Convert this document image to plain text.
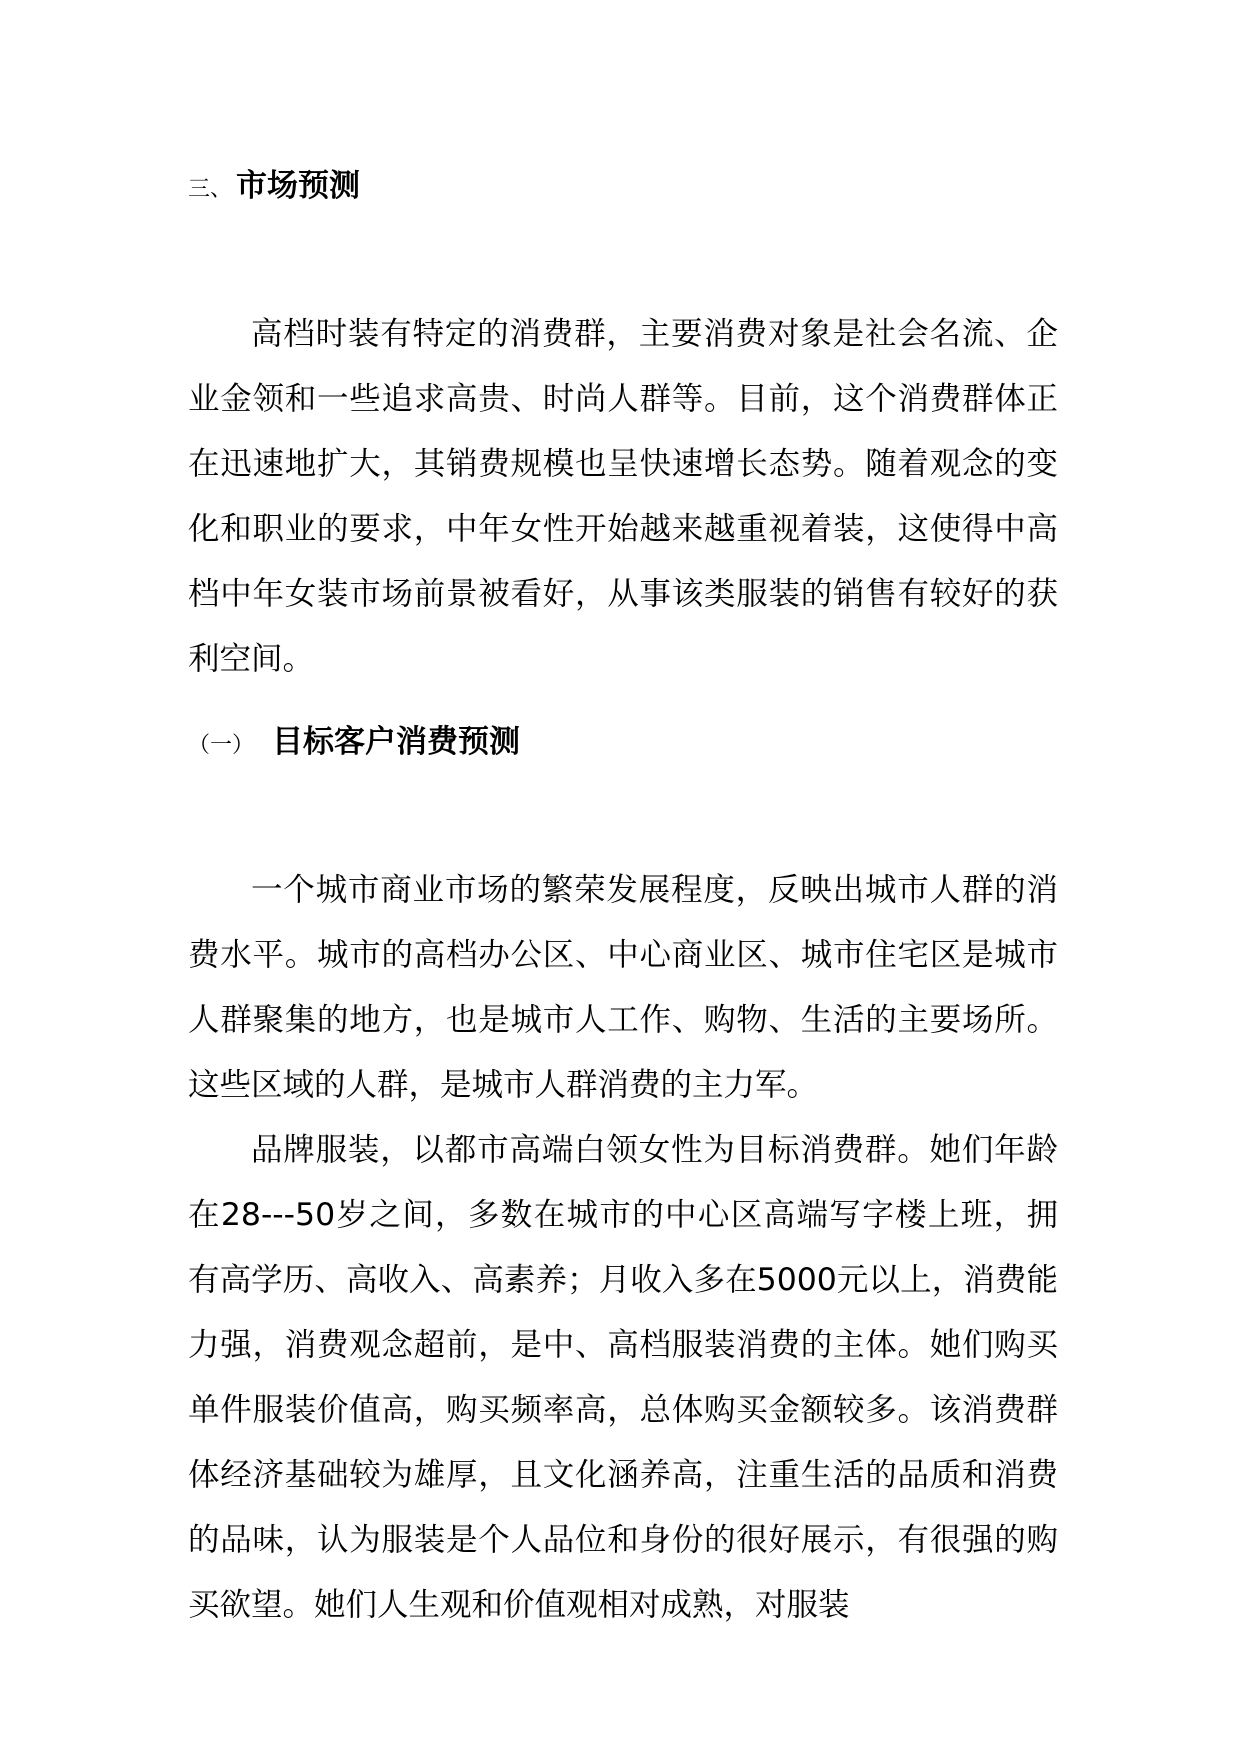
三、 市场预测

高档时装有特定的消费群，主要消费对象是社会名流、企业金领和一些追求高贵、时尚人群等。目前，这个消费群体正在迅速地扩大，其销费规模也呈快速增长态势。随着观念的变化和职业的要求，中年女性开始越来越重视着装，这使得中高档中年女装市场前景被看好，从事该类服装的销售有较好的获利空间。

（一） 目标客户消费预测

一个城市商业市场的繁荣发展程度，反映出城市人群的消费水平。城市的高档办公区、中心商业区、城市住宅区是城市人群聚集的地方，也是城市人工作、购物、生活的主要场所。这些区域的人群，是城市人群消费的主力军。

品牌服装，以都市高端白领女性为目标消费群。她们年龄在28---50岁之间，多数在城市的中心区高端写字楼上班，拥有高学历、高收入、高素养；月收入多在5000元以上，消费能力强，消费观念超前，是中、高档服装消费的主体。她们购买单件服装价值高，购买频率高，总体购买金额较多。该消费群体经济基础较为雄厚，且文化涵养高，注重生活的品质和消费的品味，认为服装是个人品位和身份的很好展示，有很强的购买欲望。她们人生观和价值观相对成熟，对服装
